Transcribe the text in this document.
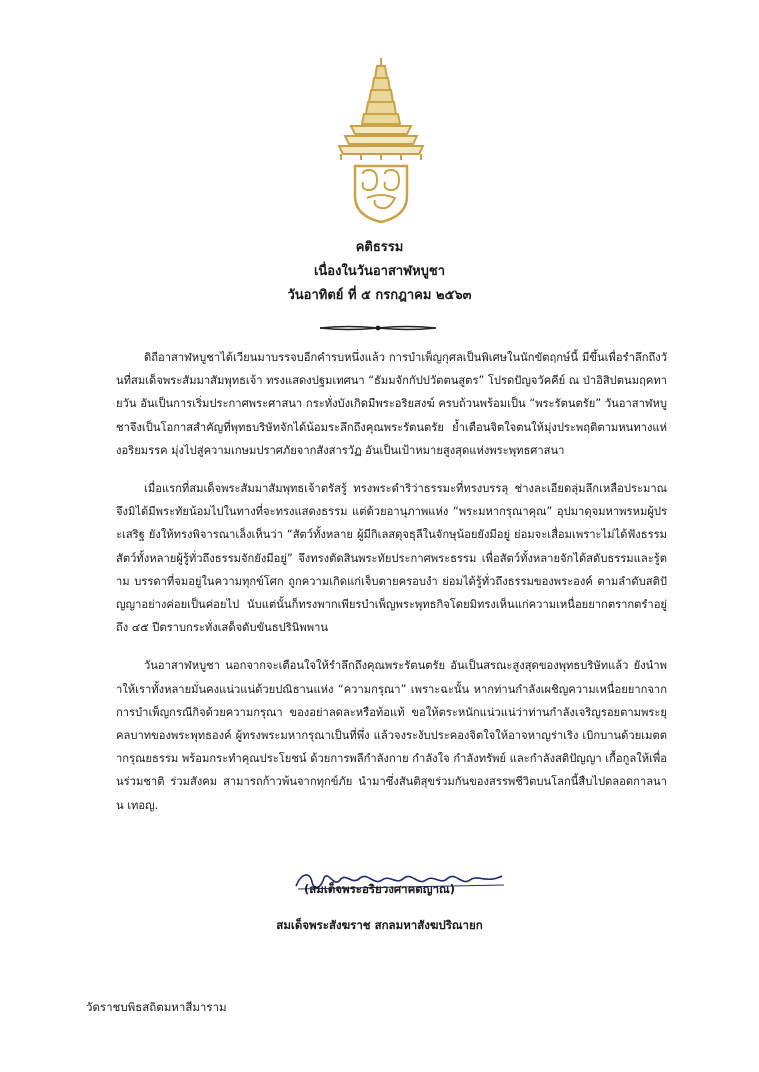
คติธรรม
เนื่องในวันอาสาฬหบูชา
วันอาทิตย์ ที่ ๕ กรกฎาคม ๒๕๖๓

ดิถีอาสาฬหบูชาได้เวียนมาบรรจบอีกคำรบหนึ่งแล้ว การบำเพ็ญกุศลเป็นพิเศษในนักขัตฤกษ์นี้ มีขึ้นเพื่อรำลึกถึงวันที่สมเด็จพระสัมมาสัมพุทธเจ้า ทรงแสดงปฐมเทศนา “ธัมมจักกัปปวัตตนสูตร” โปรดปัญจวัคคีย์ ณ ป่าอิสิปตนมฤคทายวัน อันเป็นการเริ่มประกาศพระศาสนา กระทั่งบังเกิดมีพระอริยสงฆ์ ครบถ้วนพร้อมเป็น “พระรัตนตรัย” วันอาสาฬหบูชาจึงเป็นโอกาสสำคัญที่พุทธบริษัทจักได้น้อมระลึกถึงคุณพระรัตนตรัย ย้ำเตือนจิตใจตนให้มุ่งประพฤติตามหนทางแห่งอริยมรรค มุ่งไปสู่ความเกษมปราศภัยจากสังสารวัฏ อันเป็นเป้าหมายสูงสุดแห่งพระพุทธศาสนา

เมื่อแรกที่สมเด็จพระสัมมาสัมพุทธเจ้าตรัสรู้ ทรงพระดำริว่าธรรมะที่ทรงบรรลุ ช่างละเอียดลุ่มลึกเหลือประมาณ จึงมิได้มีพระทัยน้อมไปในทางที่จะทรงแสดงธรรม แต่ด้วยอานุภาพแห่ง “พระมหากรุณาคุณ” อุปมาดุจมหาพรหมผู้ประเสริฐ ยังให้ทรงพิจารณาเล็งเห็นว่า “สัตว์ทั้งหลาย ผู้มีกิเลสดุจธุลีในจักษุน้อยยังมีอยู่ ย่อมจะเสื่อมเพราะไม่ได้ฟังธรรม สัตว์ทั้งหลายผู้รู้ทั่วถึงธรรมจักยังมีอยู่” จึงทรงตัดสินพระทัยประกาศพระธรรม เพื่อสัตว์ทั้งหลายจักได้สดับธรรมและรู้ตาม บรรดาที่จมอยู่ในความทุกข์โศก ถูกความเกิดแก่เจ็บตายครอบงำ ย่อมได้รู้ทั่วถึงธรรมของพระองค์ ตามลำดับสติปัญญาอย่างค่อยเป็นค่อยไป นับแต่นั้นก็ทรงพากเพียรบำเพ็ญพระพุทธกิจโดยมิทรงเห็นแก่ความเหนื่อยยากตรากตรำอยู่ถึง ๔๕ ปีตราบกระทั่งเสด็จดับขันธปรินิพพาน

วันอาสาฬหบูชา นอกจากจะเตือนใจให้รำลึกถึงคุณพระรัตนตรัย อันเป็นสรณะสูงสุดของพุทธบริษัทแล้ว ยังนำพาให้เราทั้งหลายมั่นคงแน่วแน่ด้วยปณิธานแห่ง “ความกรุณา” เพราะฉะนั้น หากท่านกำลังเผชิญความเหนื่อยยากจากการบำเพ็ญกรณีกิจด้วยความกรุณา ของอย่าลดละหรือท้อแท้ ขอให้ตระหนักแน่วแน่ว่าท่านกำลังเจริญรอยตามพระยุคลบาทของพระพุทธองค์ ผู้ทรงพระมหากรุณาเป็นที่พึ่ง แล้วจงระงับประคองจิตใจให้อาจหาญร่าเริง เบิกบานด้วยเมตตากรุณยธรรม พร้อมกระทำคุณประโยชน์ ด้วยการพลีกำลังกาย กำลังใจ กำลังทรัพย์ และกำลังสติปัญญา เกื้อกูลให้เพื่อนร่วมชาติ ร่วมสังคม สามารถก้าวพ้นจากทุกข์ภัย นำมาซึ่งสันติสุขร่วมกันของสรรพชีวิตบนโลกนี้สืบไปตลอดกาลนาน เทอญ.

(สมเด็จพระอริยวงศาคตญาณ)
สมเด็จพระสังฆราช สกลมหาสังฆปริณายก
วัดราชบพิธสถิตมหาสีมาราม
